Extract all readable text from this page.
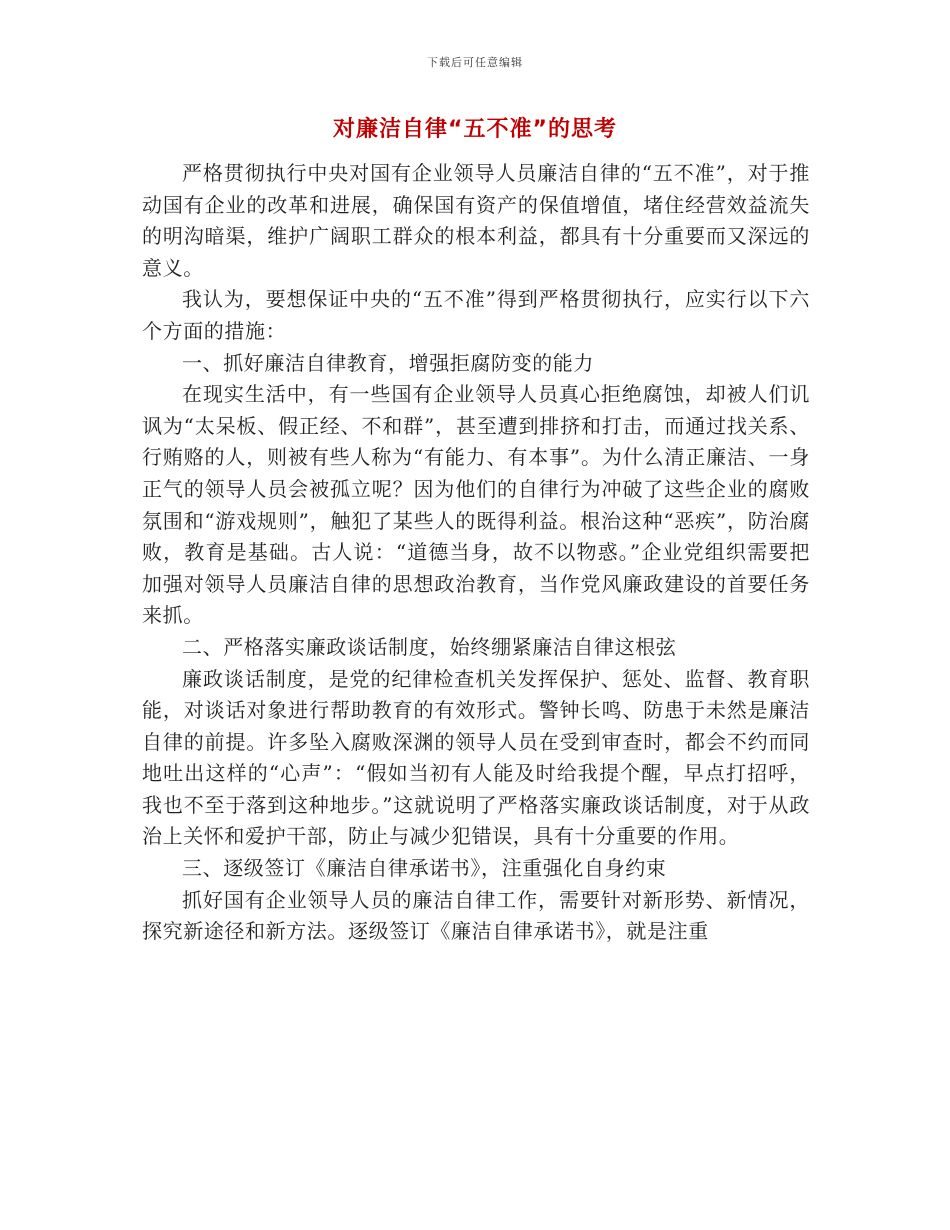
下载后可任意编辑
对廉洁自律“五不准”的思考

严格贯彻执行中央对国有企业领导人员廉洁自律的“五不准”，对于推动国有企业的改革和进展，确保国有资产的保值增值，堵住经营效益流失的明沟暗渠，维护广阔职工群众的根本利益，都具有十分重要而又深远的意义。

我认为，要想保证中央的“五不准”得到严格贯彻执行，应实行以下六个方面的措施：

一、抓好廉洁自律教育，增强拒腐防变的能力

在现实生活中，有一些国有企业领导人员真心拒绝腐蚀，却被人们讥讽为“太呆板、假正经、不和群”，甚至遭到排挤和打击，而通过找关系、行贿赂的人，则被有些人称为“有能力、有本事”。为什么清正廉洁、一身正气的领导人员会被孤立呢？因为他们的自律行为冲破了这些企业的腐败氛围和“游戏规则”，触犯了某些人的既得利益。根治这种“恶疾”，防治腐败，教育是基础。古人说：“道德当身，故不以物惑。”企业党组织需要把加强对领导人员廉洁自律的思想政治教育，当作党风廉政建设的首要任务来抓。

二、严格落实廉政谈话制度，始终绷紧廉洁自律这根弦

廉政谈话制度，是党的纪律检查机关发挥保护、惩处、监督、教育职能，对谈话对象进行帮助教育的有效形式。警钟长鸣、防患于未然是廉洁自律的前提。许多坠入腐败深渊的领导人员在受到审查时，都会不约而同地吐出这样的“心声”：“假如当初有人能及时给我提个醒，早点打招呼，我也不至于落到这种地步。”这就说明了严格落实廉政谈话制度，对于从政治上关怀和爱护干部，防止与减少犯错误，具有十分重要的作用。

三、逐级签订《廉洁自律承诺书》，注重强化自身约束

抓好国有企业领导人员的廉洁自律工作，需要针对新形势、新情况，探究新途径和新方法。逐级签订《廉洁自律承诺书》，就是注重
